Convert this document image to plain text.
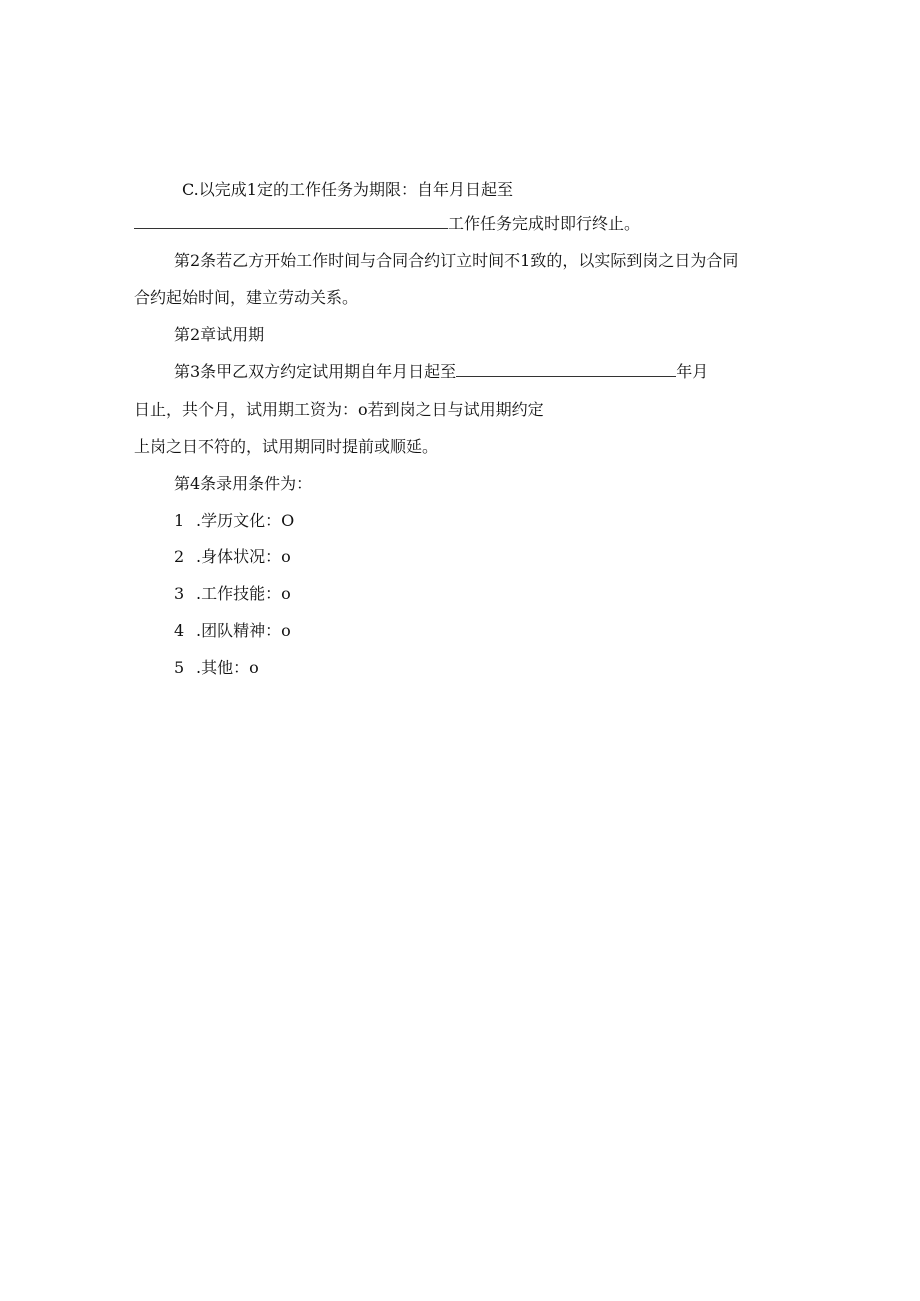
C.以完成1定的工作任务为期限：自年月日起至
工作任务完成时即行终止。
第2条若乙方开始工作时间与合同合约订立时间不1致的，以实际到岗之日为合同
合约起始时间，建立劳动关系。
第2章试用期
第3条甲乙双方约定试用期自年月日起至	年月
日止，共个月，试用期工资为：o若到岗之日与试用期约定
上岗之日不符的，试用期同时提前或顺延。
第4条录用条件为：
1 .学历文化：O
2 .身体状况：o
3 .工作技能：o
4 .团队精神：o
5 .其他：o
